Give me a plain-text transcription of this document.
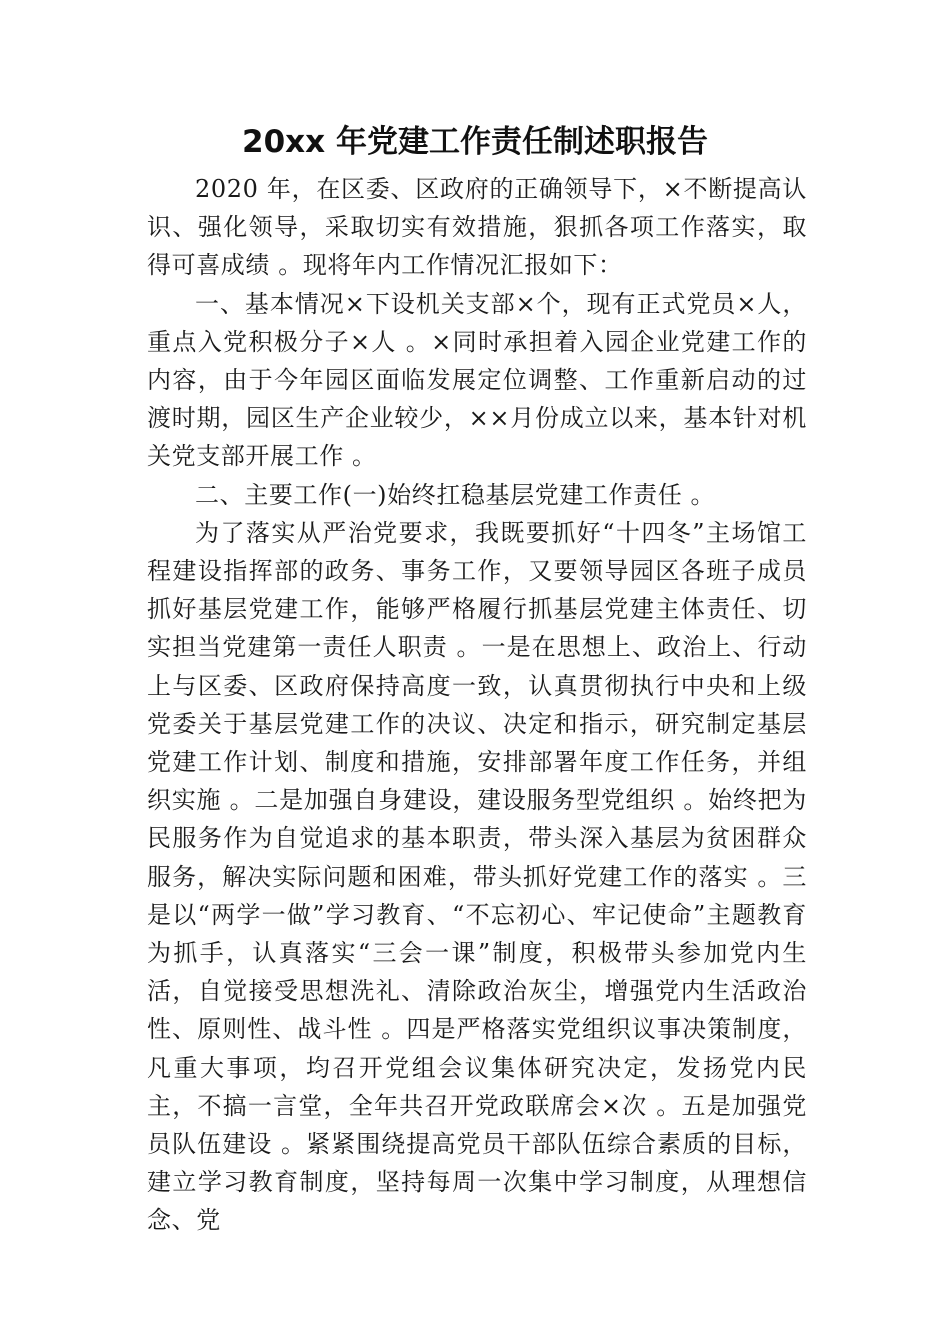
20xx 年党建工作责任制述职报告

2020 年，在区委、区政府的正确领导下，×不断提高认识、强化领导，采取切实有效措施，狠抓各项工作落实，取得可喜成绩 。现将年内工作情况汇报如下：

一、基本情况×下设机关支部×个，现有正式党员×人，重点入党积极分子×人 。×同时承担着入园企业党建工作的内容，由于今年园区面临发展定位调整、工作重新启动的过渡时期，园区生产企业较少，××月份成立以来，基本针对机关党支部开展工作 。

二、主要工作(一)始终扛稳基层党建工作责任 。

为了落实从严治党要求，我既要抓好“十四冬”主场馆工程建设指挥部的政务、事务工作，又要领导园区各班子成员抓好基层党建工作，能够严格履行抓基层党建主体责任、切实担当党建第一责任人职责 。一是在思想上、政治上、行动上与区委、区政府保持高度一致，认真贯彻执行中央和上级党委关于基层党建工作的决议、决定和指示，研究制定基层党建工作计划、制度和措施，安排部署年度工作任务，并组织实施 。二是加强自身建设，建设服务型党组织 。始终把为民服务作为自觉追求的基本职责，带头深入基层为贫困群众服务，解决实际问题和困难，带头抓好党建工作的落实 。三是以“两学一做”学习教育、“不忘初心、牢记使命”主题教育为抓手，认真落实“三会一课”制度，积极带头参加党内生活，自觉接受思想洗礼、清除政治灰尘，增强党内生活政治性、原则性、战斗性 。四是严格落实党组织议事决策制度，凡重大事项，均召开党组会议集体研究决定，发扬党内民主，不搞一言堂，全年共召开党政联席会×次 。五是加强党员队伍建设 。紧紧围绕提高党员干部队伍综合素质的目标，建立学习教育制度，坚持每周一次集中学习制度，从理想信念、党
